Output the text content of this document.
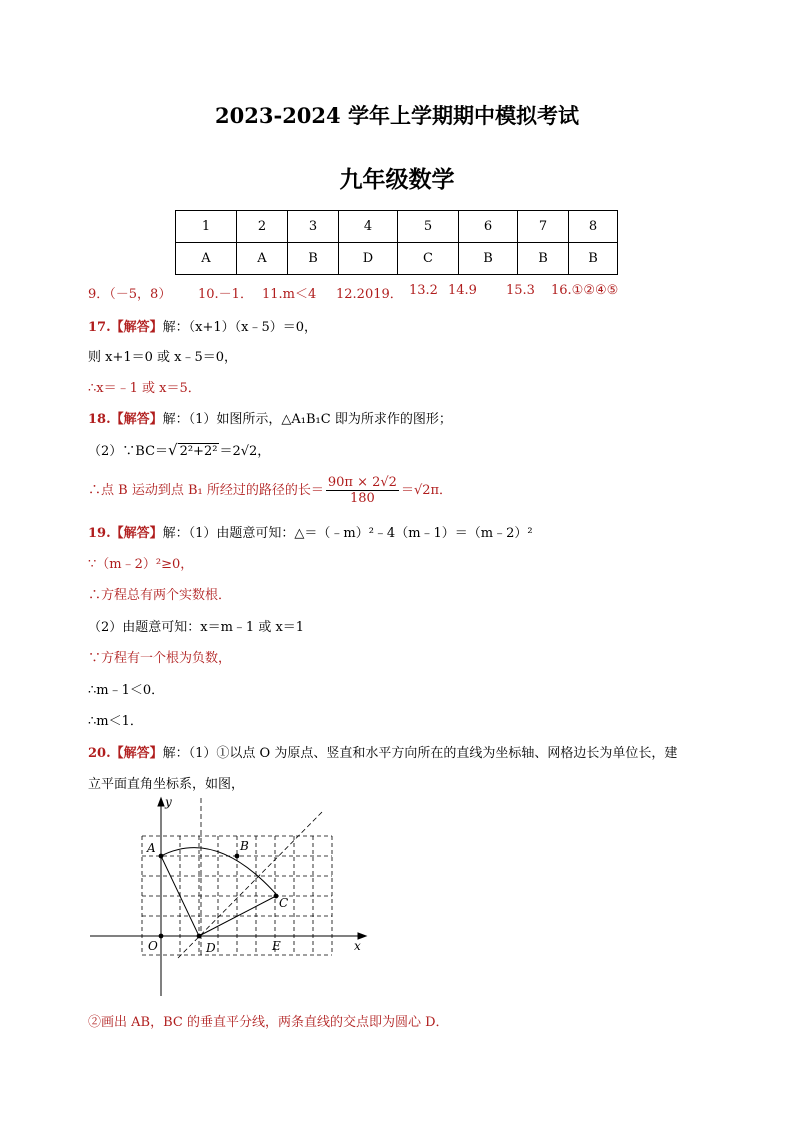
2023-2024 学年上学期期中模拟考试
九年级数学
1	2	3	4	5	6	7	8
A	A	B	D	C	B	B	B
9．（－5，8） 10.－1． 11.m＜4 12.2019． 13.2 14.9 15.3 16.①②④⑤
17.【解答】解：（x+1）（x﹣5）＝0，
则 x+1＝0 或 x﹣5＝0，
∴x＝﹣1 或 x＝5．
18.【解答】解：（1）如图所示，△A₁B₁C 即为所求作的图形；
（2）∵BC＝√ 2²+2² ＝2√2，
∴点 B 运动到点 B₁ 所经过的路径的长＝ $\frac{90\pi \times 2√2}{180} =√2\pi$．
19.【解答】解：（1）由题意可知：△＝（﹣m）²﹣4（m﹣1）＝（m﹣2）²
∵（m﹣2）²≥0，
∴方程总有两个实数根．
（2）由题意可知：x＝m﹣1 或 x＝1
∵方程有一个根为负数，
∴m﹣1＜0．
∴m＜1．
20.【解答】解：（1）①以点 O 为原点、竖直和水平方向所在的直线为坐标轴、网格边长为单位长，建
立平面直角坐标系，如图，
y
x
A	B
C
O	D	E
②画出 AB，BC 的垂直平分线，两条直线的交点即为圆心 D．
